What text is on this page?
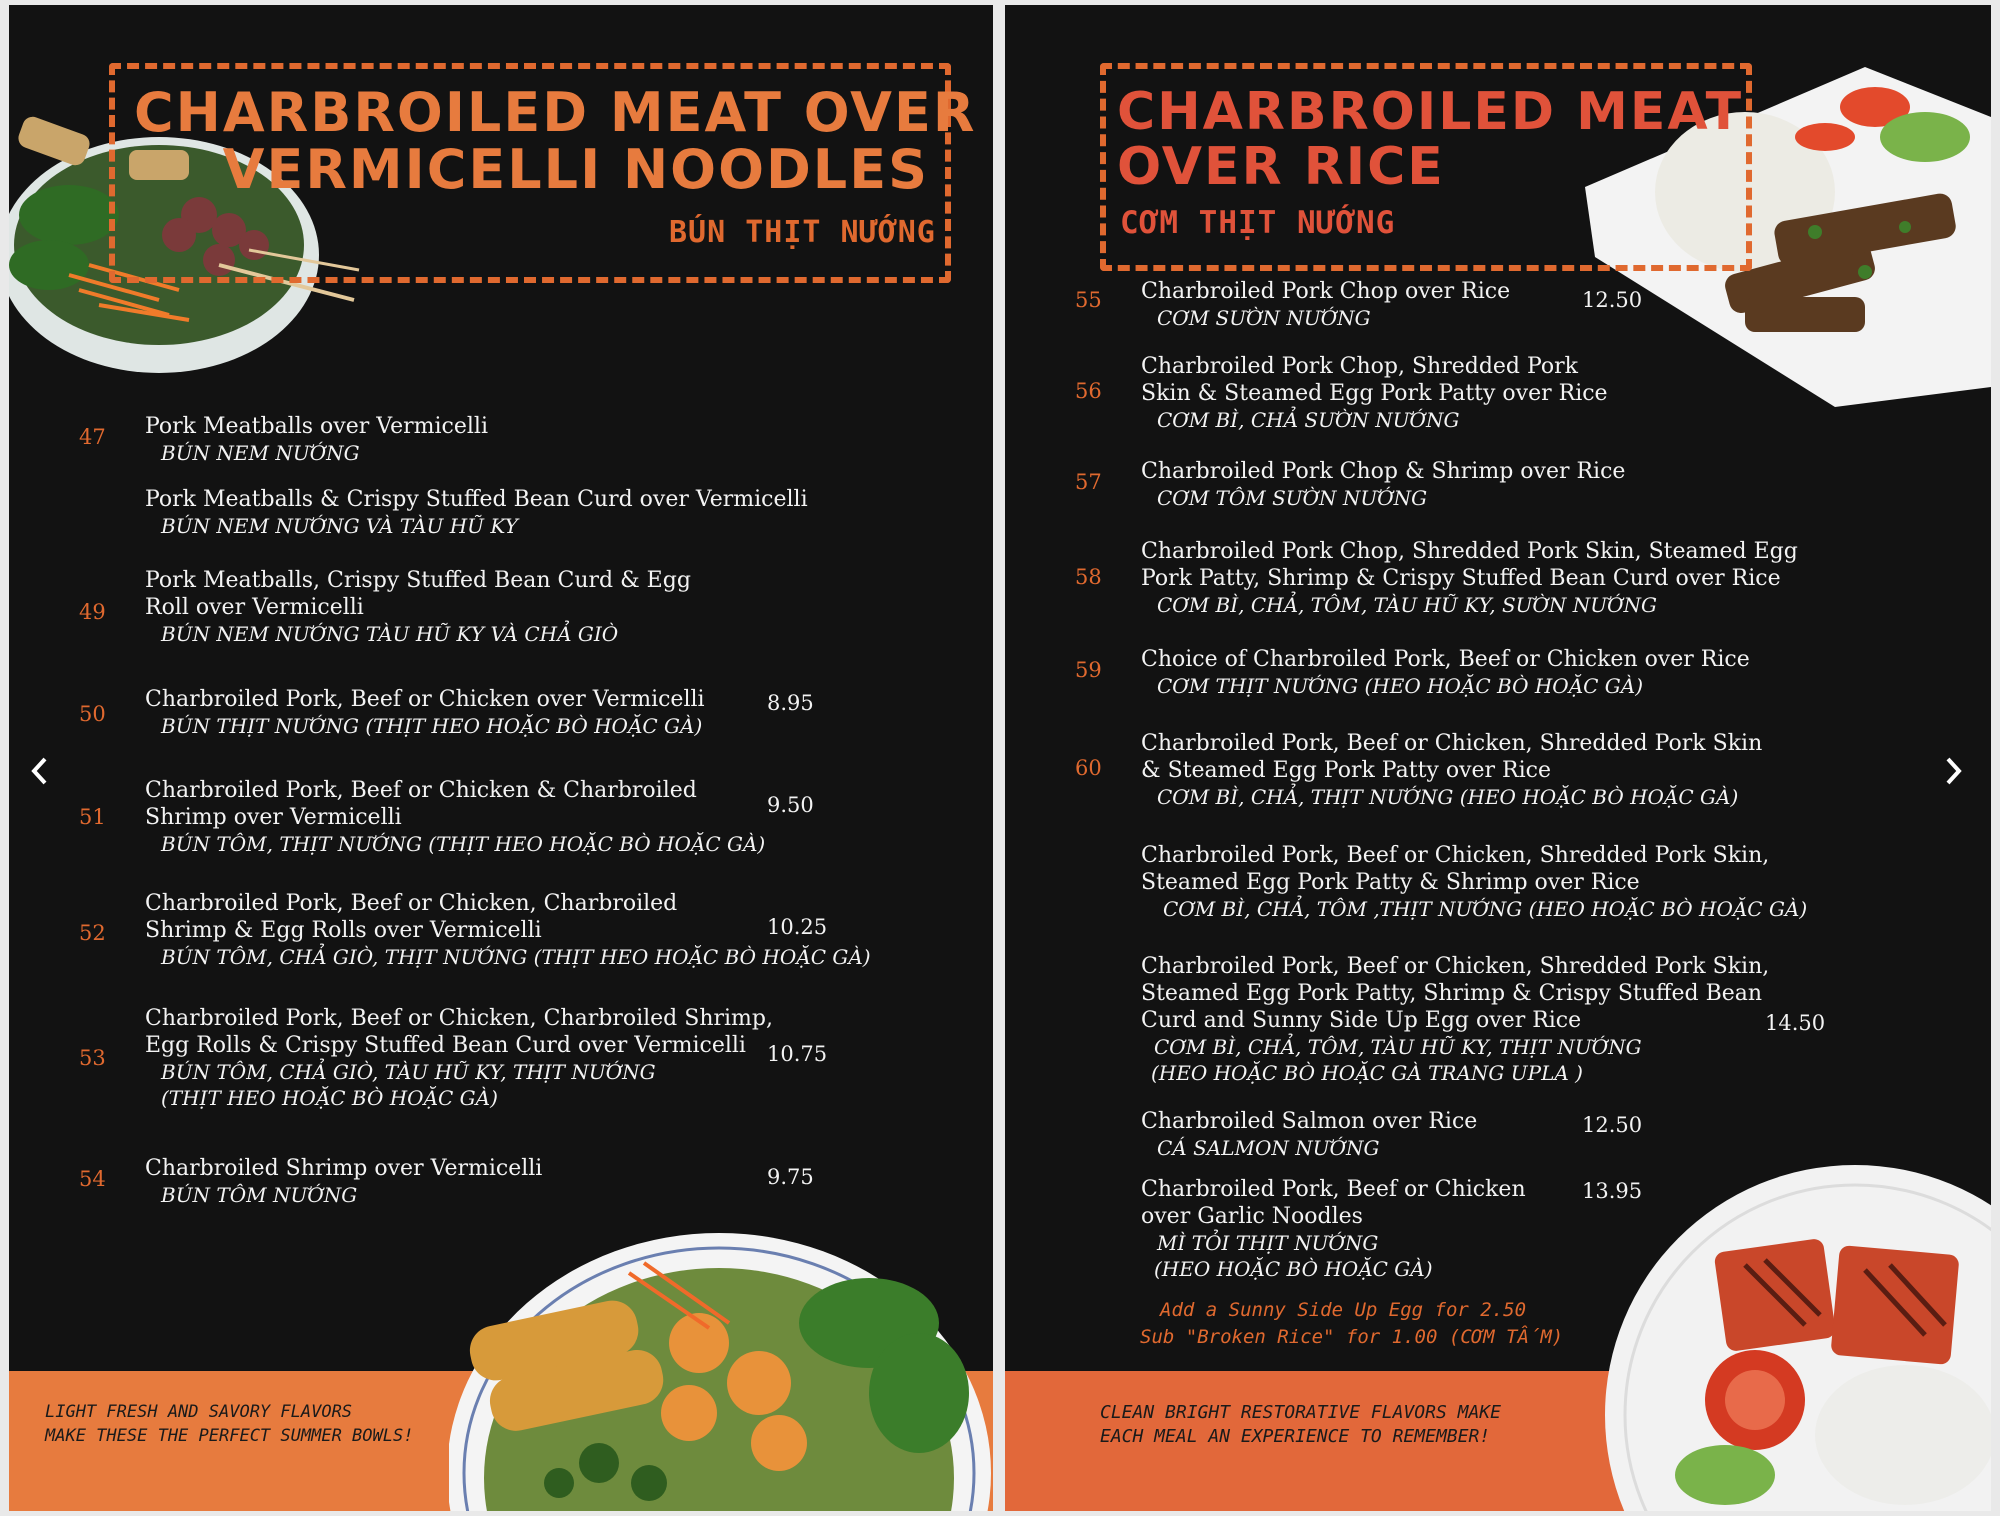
CHARBROILED MEAT OVER
VERMICELLI NOODLES
BÚN THỊT NƯỚNG
47 Pork Meatballs over Vermicelli
BÚN NEM NƯỚNG
Pork Meatballs & Crispy Stuffed Bean Curd over Vermicelli
BÚN NEM NƯỚNG VÀ TÀU HŨ KY
49
Pork Meatballs, Crispy Stuffed Bean Curd & Egg
Roll over Vermicelli
BÚN NEM NƯỚNG TÀU HŨ KY VÀ CHẢ GIÒ
50
Charbroiled Pork, Beef or Chicken over Vermicelli
BÚN THỊT NƯỚNG (THỊT HEO HOẶC BÒ HOẶC GÀ)
8.95
51
Charbroiled Pork, Beef or Chicken & Charbroiled
Shrimp over Vermicelli
BÚN TÔM, THỊT NƯỚNG (THỊT HEO HOẶC BÒ HOẶC GÀ)
9.50
52
Charbroiled Pork, Beef or Chicken, Charbroiled
Shrimp & Egg Rolls over Vermicelli
BÚN TÔM, CHẢ GIÒ, THỊT NƯỚNG (THỊT HEO HOẶC BÒ HOẶC GÀ)
10.25
53
Charbroiled Pork, Beef or Chicken, Charbroiled Shrimp,
Egg Rolls & Crispy Stuffed Bean Curd over Vermicelli
BÚN TÔM, CHẢ GIÒ, TÀU HŨ KY, THỊT NƯỚNG
(THỊT HEO HOẶC BÒ HOẶC GÀ)
10.75
54 Charbroiled Shrimp over Vermicelli
BÚN TÔM NƯỚNG
9.75
LIGHT FRESH AND SAVORY FLAVORS
MAKE THESE THE PERFECT SUMMER BOWLS!
CHARBROILED MEAT
OVER RICE
CƠM THỊT NƯỚNG
55 Charbroiled Pork Chop over Rice
CƠM SƯỜN NƯỚNG
12.50
56
Charbroiled Pork Chop, Shredded Pork
Skin & Steamed Egg Pork Patty over Rice
CƠM BÌ, CHẢ SƯỜN NƯỚNG
57 Charbroiled Pork Chop & Shrimp over Rice
CƠM TÔM SƯỜN NƯỚNG
58
Charbroiled Pork Chop, Shredded Pork Skin, Steamed Egg
Pork Patty, Shrimp & Crispy Stuffed Bean Curd over Rice
CƠM BÌ, CHẢ, TÔM, TÀU HŨ KY, SƯỜN NƯỚNG
59 Choice of Charbroiled Pork, Beef or Chicken over Rice
CƠM THỊT NƯỚNG (HEO HOẶC BÒ HOẶC GÀ)
60
Charbroiled Pork, Beef or Chicken, Shredded Pork Skin
& Steamed Egg Pork Patty over Rice
CƠM BÌ, CHẢ, THỊT NƯỚNG (HEO HOẶC BÒ HOẶC GÀ)
Charbroiled Pork, Beef or Chicken, Shredded Pork Skin,
Steamed Egg Pork Patty & Shrimp over Rice
CƠM BÌ, CHẢ, TÔM ,THỊT NƯỚNG (HEO HOẶC BÒ HOẶC GÀ)
Charbroiled Pork, Beef or Chicken, Shredded Pork Skin,
Steamed Egg Pork Patty, Shrimp & Crispy Stuffed Bean
Curd and Sunny Side Up Egg over Rice
CƠM BÌ, CHẢ, TÔM, TÀU HŨ KY, THỊT NƯỚNG
(HEO HOẶC BÒ HOẶC GÀ TRANG UPLA )
14.50
Charbroiled Salmon over Rice
CÁ SALMON NƯỚNG
12.50
Charbroiled Pork, Beef or Chicken
over Garlic Noodles
MÌ TỎI THỊT NƯỚNG
(HEO HOẶC BÒ HOẶC GÀ)
13.95
Add a Sunny Side Up Egg for 2.50
Sub "Broken Rice" for 1.00 (CƠM TẤM)
CLEAN BRIGHT RESTORATIVE FLAVORS MAKE
EACH MEAL AN EXPERIENCE TO REMEMBER!
